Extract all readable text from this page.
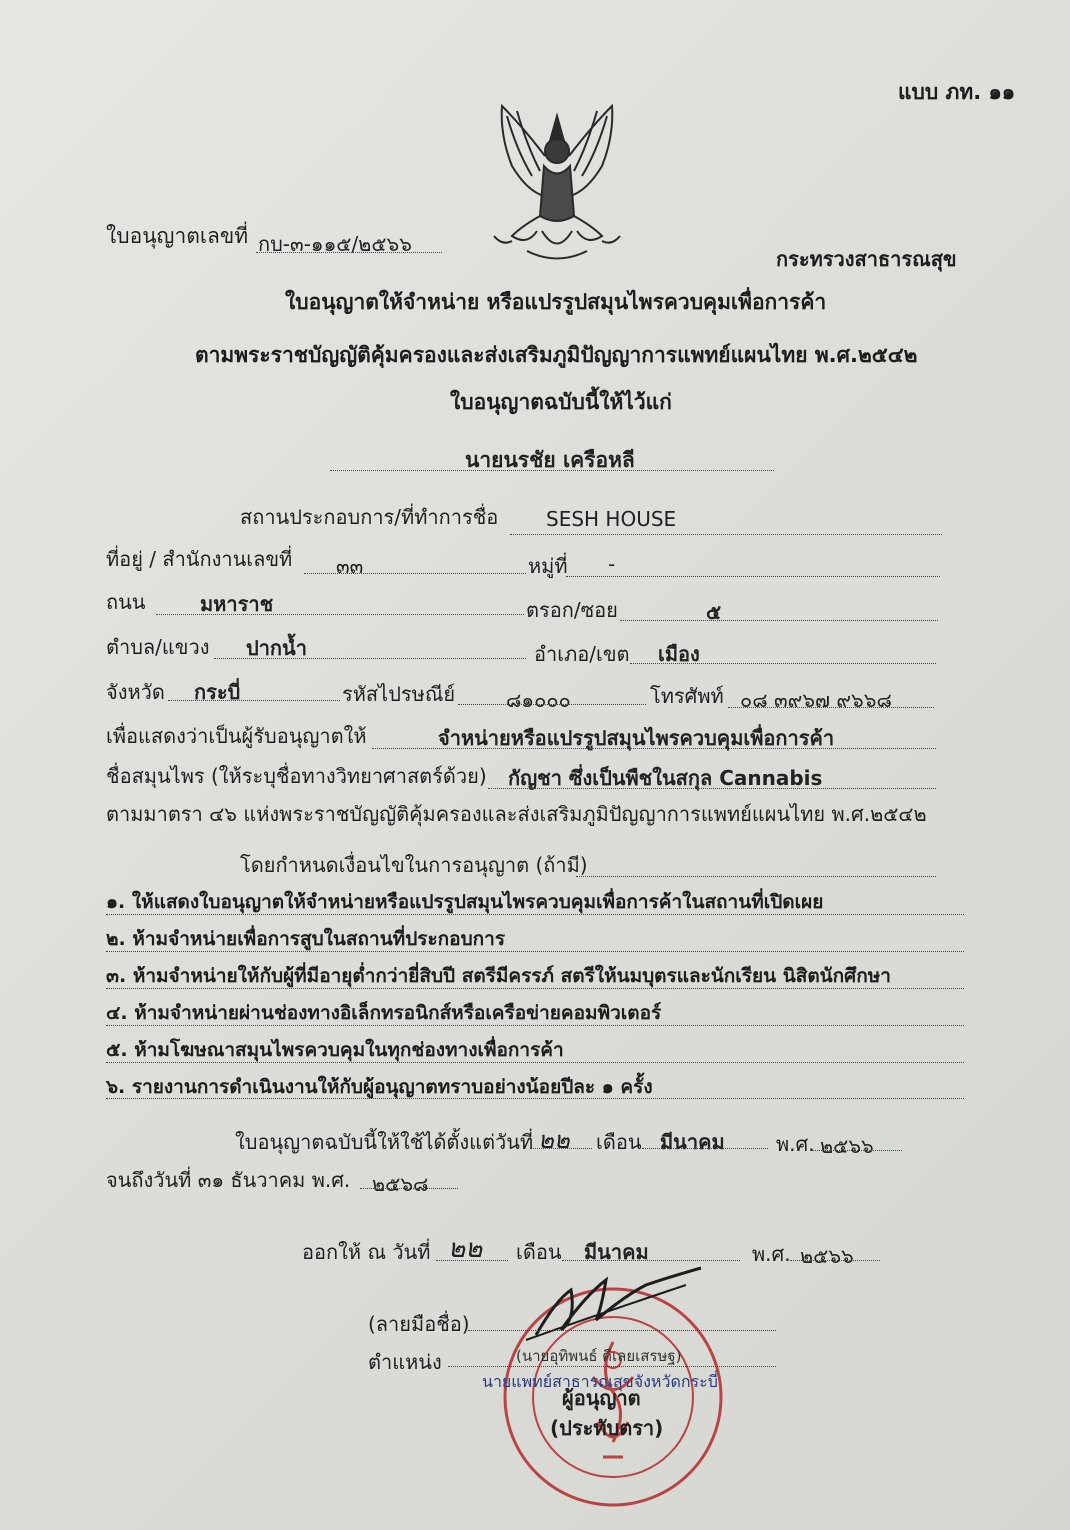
แบบ ภท. ๑๑
ใบอนุญาตเลขที่ กบ-๓-๑๑๕/๒๕๖๖
กระทรวงสาธารณสุข
ใบอนุญาตให้จำหน่าย หรือแปรรูปสมุนไพรควบคุมเพื่อการค้า
ตามพระราชบัญญัติคุ้มครองและส่งเสริมภูมิปัญญาการแพทย์แผนไทย พ.ศ.๒๕๔๒
ใบอนุญาตฉบับนี้ให้ไว้แก่
นายนรชัย เครือหลี
สถานประกอบการ/ที่ทำการชื่อ SESH HOUSE
ที่อยู่ / สำนักงานเลขที่ ๓๓	หมู่ที่ -
ถนน	มหาราช	ตรอก/ซอย	๕
ตำบล/แขวง ปากน้ำ	อำเภอ/เขต เมือง
จังหวัด กระบี่	รหัสไปรษณีย์	๘๑๐๐๐	โทรศัพท์ ๐๘ ๓๙๖๗ ๙๖๖๘
เพื่อแสดงว่าเป็นผู้รับอนุญาตให้	จำหน่ายหรือแปรรูปสมุนไพรควบคุมเพื่อการค้า
ชื่อสมุนไพร (ให้ระบุชื่อทางวิทยาศาสตร์ด้วย) กัญชา ซึ่งเป็นพืชในสกุล Cannabis
ตามมาตรา ๔๖ แห่งพระราชบัญญัติคุ้มครองและส่งเสริมภูมิปัญญาการแพทย์แผนไทย พ.ศ.๒๕๔๒
โดยกำหนดเงื่อนไขในการอนุญาต (ถ้ามี)
๑. ให้แสดงใบอนุญาตให้จำหน่ายหรือแปรรูปสมุนไพรควบคุมเพื่อการค้าในสถานที่เปิดเผย
๒. ห้ามจำหน่ายเพื่อการสูบในสถานที่ประกอบการ
๓. ห้ามจำหน่ายให้กับผู้ที่มีอายุต่ำกว่ายี่สิบปี สตรีมีครรภ์ สตรีให้นมบุตรและนักเรียน นิสิตนักศึกษา
๔. ห้ามจำหน่ายผ่านช่องทางอิเล็กทรอนิกส์หรือเครือข่ายคอมพิวเตอร์
๕. ห้ามโฆษณาสมุนไพรควบคุมในทุกช่องทางเพื่อการค้า
๖. รายงานการดำเนินงานให้กับผู้อนุญาตทราบอย่างน้อยปีละ ๑ ครั้ง
ใบอนุญาตฉบับนี้ให้ใช้ได้ตั้งแต่วันที่ ๒๒ เดือน มีนาคม	พ.ศ. ๒๕๖๖
จนถึงวันที่ ๓๑ ธันวาคม พ.ศ. ๒๕๖๘
ออกให้ ณ วันที่ ๒๒ เดือน มีนาคม	พ.ศ. ๒๕๖๖
(ลายมือชื่อ)
ตำแหน่ง	(นายอุทิพนธ์ ดีเลยเสรษฐ)
นายแพทย์สาธารณสุขจังหวัดกระบี่
ผู้อนุญาต
(ประทับตรา)
